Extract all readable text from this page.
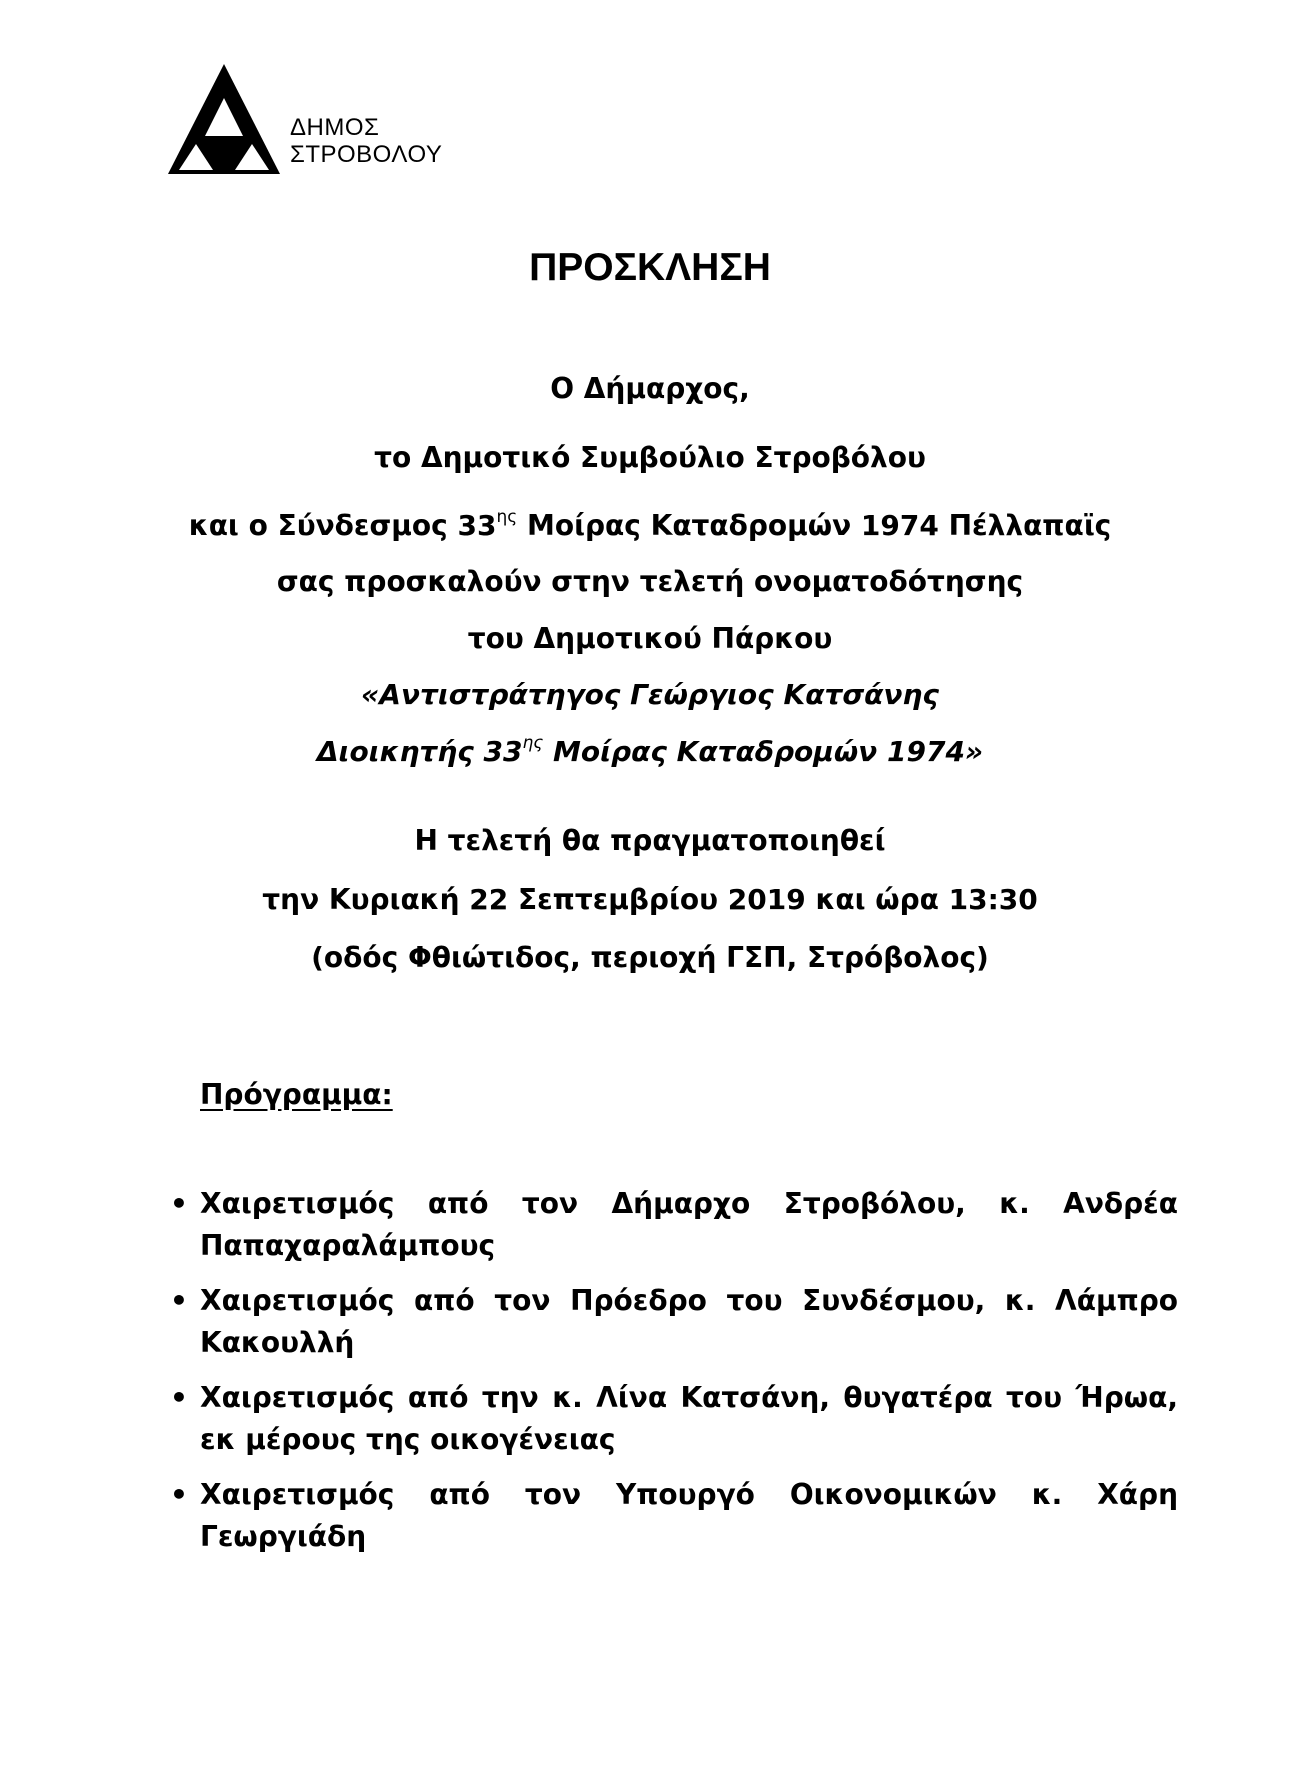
ΔΗΜΟΣ
ΣΤΡΟΒΟΛΟΥ
ΠΡΟΣΚΛΗΣΗ
Ο Δήμαρχος,
το Δημοτικό Συμβούλιο Στροβόλου
και ο Σύνδεσμος $33^{\eta\varsigma}$ Μοίρας Καταδρομών 1974 Πέλλαπαϊς
σας προσκαλούν στην τελετή ονοματοδότησης
του Δημοτικού Πάρκου
«Αντιστράτηγος Γεώργιος Κατσάνης
Διοικητής $33^{\eta\varsigma}$ Μοίρας Καταδρομών 1974»
Η τελετή θα πραγματοποιηθεί
την Κυριακή 22 Σεπτεμβρίου 2019 και ώρα 13:30
(οδός Φθιώτιδος, περιοχή ΓΣΠ, Στρόβολος)
Πρόγραμμα:
• Χαιρετισμός από τον Δήμαρχο Στροβόλου, κ. Ανδρέα Παπαχαραλάμπους
• Χαιρετισμός από τον Πρόεδρο του Συνδέσμου, κ. Λάμπρο Κακουλλή
• Χαιρετισμός από την κ. Λίνα Κατσάνη, θυγατέρα του Ήρωα, εκ μέρους της οικογένειας
• Χαιρετισμός από τον Υπουργό Οικονομικών κ. Χάρη Γεωργιάδη
